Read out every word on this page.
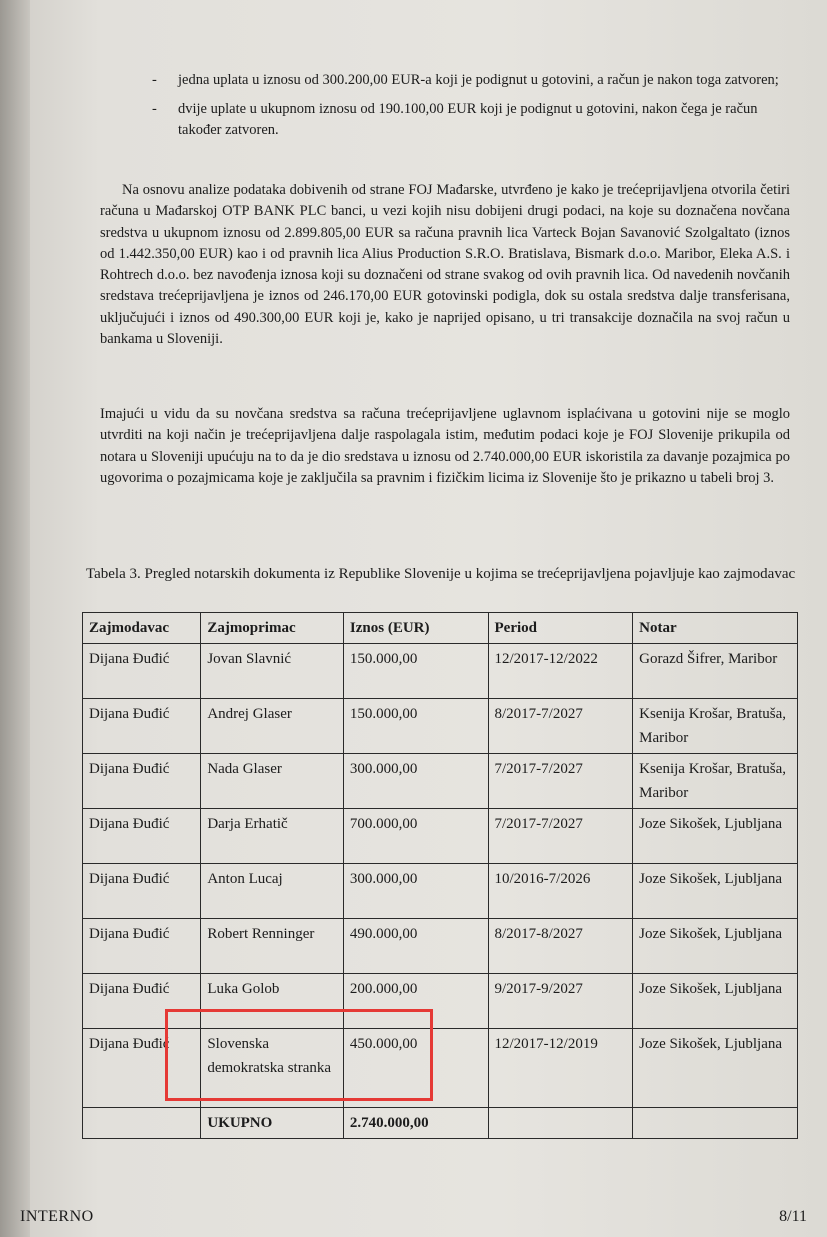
-	jedna uplata u iznosu od 300.200,00 EUR-a koji je podignut u gotovini, a račun je nakon toga zatvoren;
-	dvije uplate u ukupnom iznosu od 190.100,00 EUR koji je podignut u gotovini, nakon čega je račun također zatvoren.
Na osnovu analize podataka dobivenih od strane FOJ Mađarske, utvrđeno je kako je trećeprijavljena otvorila četiri računa u Mađarskoj OTP BANK PLC banci, u vezi kojih nisu dobijeni drugi podaci, na koje su doznačena novčana sredstva u ukupnom iznosu od 2.899.805,00 EUR sa računa pravnih lica Varteck Bojan Savanović Szolgaltato (iznos od 1.442.350,00 EUR) kao i od pravnih lica Alius Production S.R.O. Bratislava, Bismark d.o.o. Maribor, Eleka A.S. i Rohtrech d.o.o. bez navođenja iznosa koji su doznačeni od strane svakog od ovih pravnih lica. Od navedenih novčanih sredstava trećeprijavljena je iznos od 246.170,00 EUR gotovinski podigla, dok su ostala sredstva dalje transferisana, uključujući i iznos od 490.300,00 EUR koji je, kako je naprijed opisano, u tri transakcije doznačila na svoj račun u bankama u Sloveniji.
Imajući u vidu da su novčana sredstva sa računa trećeprijavljene uglavnom isplaćivana u gotovini nije se moglo utvrditi na koji način je trećeprijavljena dalje raspolagala istim, međutim podaci koje je FOJ Slovenije prikupila od notara u Sloveniji upućuju na to da je dio sredstava u iznosu od 2.740.000,00 EUR iskoristila za davanje pozajmica po ugovorima o pozajmicama koje je zaključila sa pravnim i fizičkim licima iz Slovenije što je prikazno u tabeli broj 3.
Tabela 3. Pregled notarskih dokumenta iz Republike Slovenije u kojima se trećeprijavljena pojavljuje kao zajmodavac
Zajmodavac	Zajmoprimac	Iznos (EUR)	Period	Notar
Dijana Đuđić	Jovan Slavnić	150.000,00	12/2017-12/2022	Gorazd Šifrer, Maribor
Dijana Đuđić	Andrej Glaser	150.000,00	8/2017-7/2027	Ksenija Krošar, Bratuša, Maribor
Dijana Đuđić	Nada Glaser	300.000,00	7/2017-7/2027	Ksenija Krošar, Bratuša, Maribor
Dijana Đuđić	Darja Erhatič	700.000,00	7/2017-7/2027	Joze Sikošek, Ljubljana
Dijana Đuđić	Anton Lucaj	300.000,00	10/2016-7/2026	Joze Sikošek, Ljubljana
Dijana Đuđić	Robert Renninger	490.000,00	8/2017-8/2027	Joze Sikošek, Ljubljana
Dijana Đuđić	Luka Golob	200.000,00	9/2017-9/2027	Joze Sikošek, Ljubljana
Dijana Đuđić	Slovenska demokratska stranka	450.000,00	12/2017-12/2019	Joze Sikošek, Ljubljana
	UKUPNO	2.740.000,00		
INTERNO	8/11
